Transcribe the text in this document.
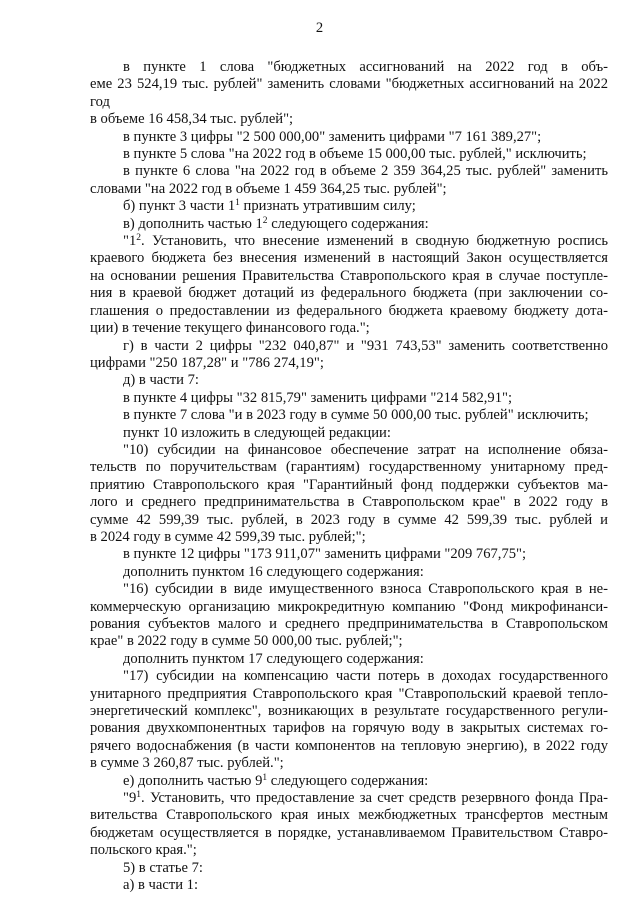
2
в пункте 1 слова "бюджетных ассигнований на 2022 год в объ-
еме 23 524,19 тыс. рублей" заменить словами "бюджетных ассигнований на 2022 год
в объеме 16 458,34 тыс. рублей";
в пункте 3 цифры "2 500 000,00" заменить цифрами "7 161 389,27";
в пункте 5 слова "на 2022 год в объеме 15 000,00 тыс. рублей," исключить;
в пункте 6 слова "на 2022 год в объеме 2 359 364,25 тыс. рублей" заменить
словами "на 2022 год в объеме 1 459 364,25 тыс. рублей";
б) пункт 3 части $1^1$ признать утратившим силу;
в) дополнить частью $1^2$ следующего содержания:
"$1^2$. Установить, что внесение изменений в сводную бюджетную роспись
краевого бюджета без внесения изменений в настоящий Закон осуществляется
на основании решения Правительства Ставропольского края в случае поступле-
ния в краевой бюджет дотаций из федерального бюджета (при заключении со-
глашения о предоставлении из федерального бюджета краевому бюджету дота-
ции) в течение текущего финансового года.";
г) в части 2 цифры "232 040,87" и "931 743,53" заменить соответственно
цифрами "250 187,28" и "786 274,19";
д) в части 7:
в пункте 4 цифры "32 815,79" заменить цифрами "214 582,91";
в пункте 7 слова "и в 2023 году в сумме 50 000,00 тыс. рублей" исключить;
пункт 10 изложить в следующей редакции:
"10) субсидии на финансовое обеспечение затрат на исполнение обяза-
тельств по поручительствам (гарантиям) государственному унитарному пред-
приятию Ставропольского края "Гарантийный фонд поддержки субъектов ма-
лого и среднего предпринимательства в Ставропольском крае" в 2022 году в
сумме 42 599,39 тыс. рублей, в 2023 году в сумме 42 599,39 тыс. рублей и
в 2024 году в сумме 42 599,39 тыс. рублей;";
в пункте 12 цифры "173 911,07" заменить цифрами "209 767,75";
дополнить пунктом 16 следующего содержания:
"16) субсидии в виде имущественного взноса Ставропольского края в не-
коммерческую организацию микрокредитную компанию "Фонд микрофинанси-
рования субъектов малого и среднего предпринимательства в Ставропольском
крае" в 2022 году в сумме 50 000,00 тыс. рублей;";
дополнить пунктом 17 следующего содержания:
"17) субсидии на компенсацию части потерь в доходах государственного
унитарного предприятия Ставропольского края "Ставропольский краевой тепло-
энергетический комплекс", возникающих в результате государственного регули-
рования двухкомпонентных тарифов на горячую воду в закрытых системах го-
рячего водоснабжения (в части компонентов на тепловую энергию), в 2022 году
в сумме 3 260,87 тыс. рублей.";
е) дополнить частью $9^1$ следующего содержания:
"$9^1$. Установить, что предоставление за счет средств резервного фонда Пра-
вительства Ставропольского края иных межбюджетных трансфертов местным
бюджетам осуществляется в порядке, устанавливаемом Правительством Ставро-
польского края.";
5) в статье 7:
а) в части 1:
